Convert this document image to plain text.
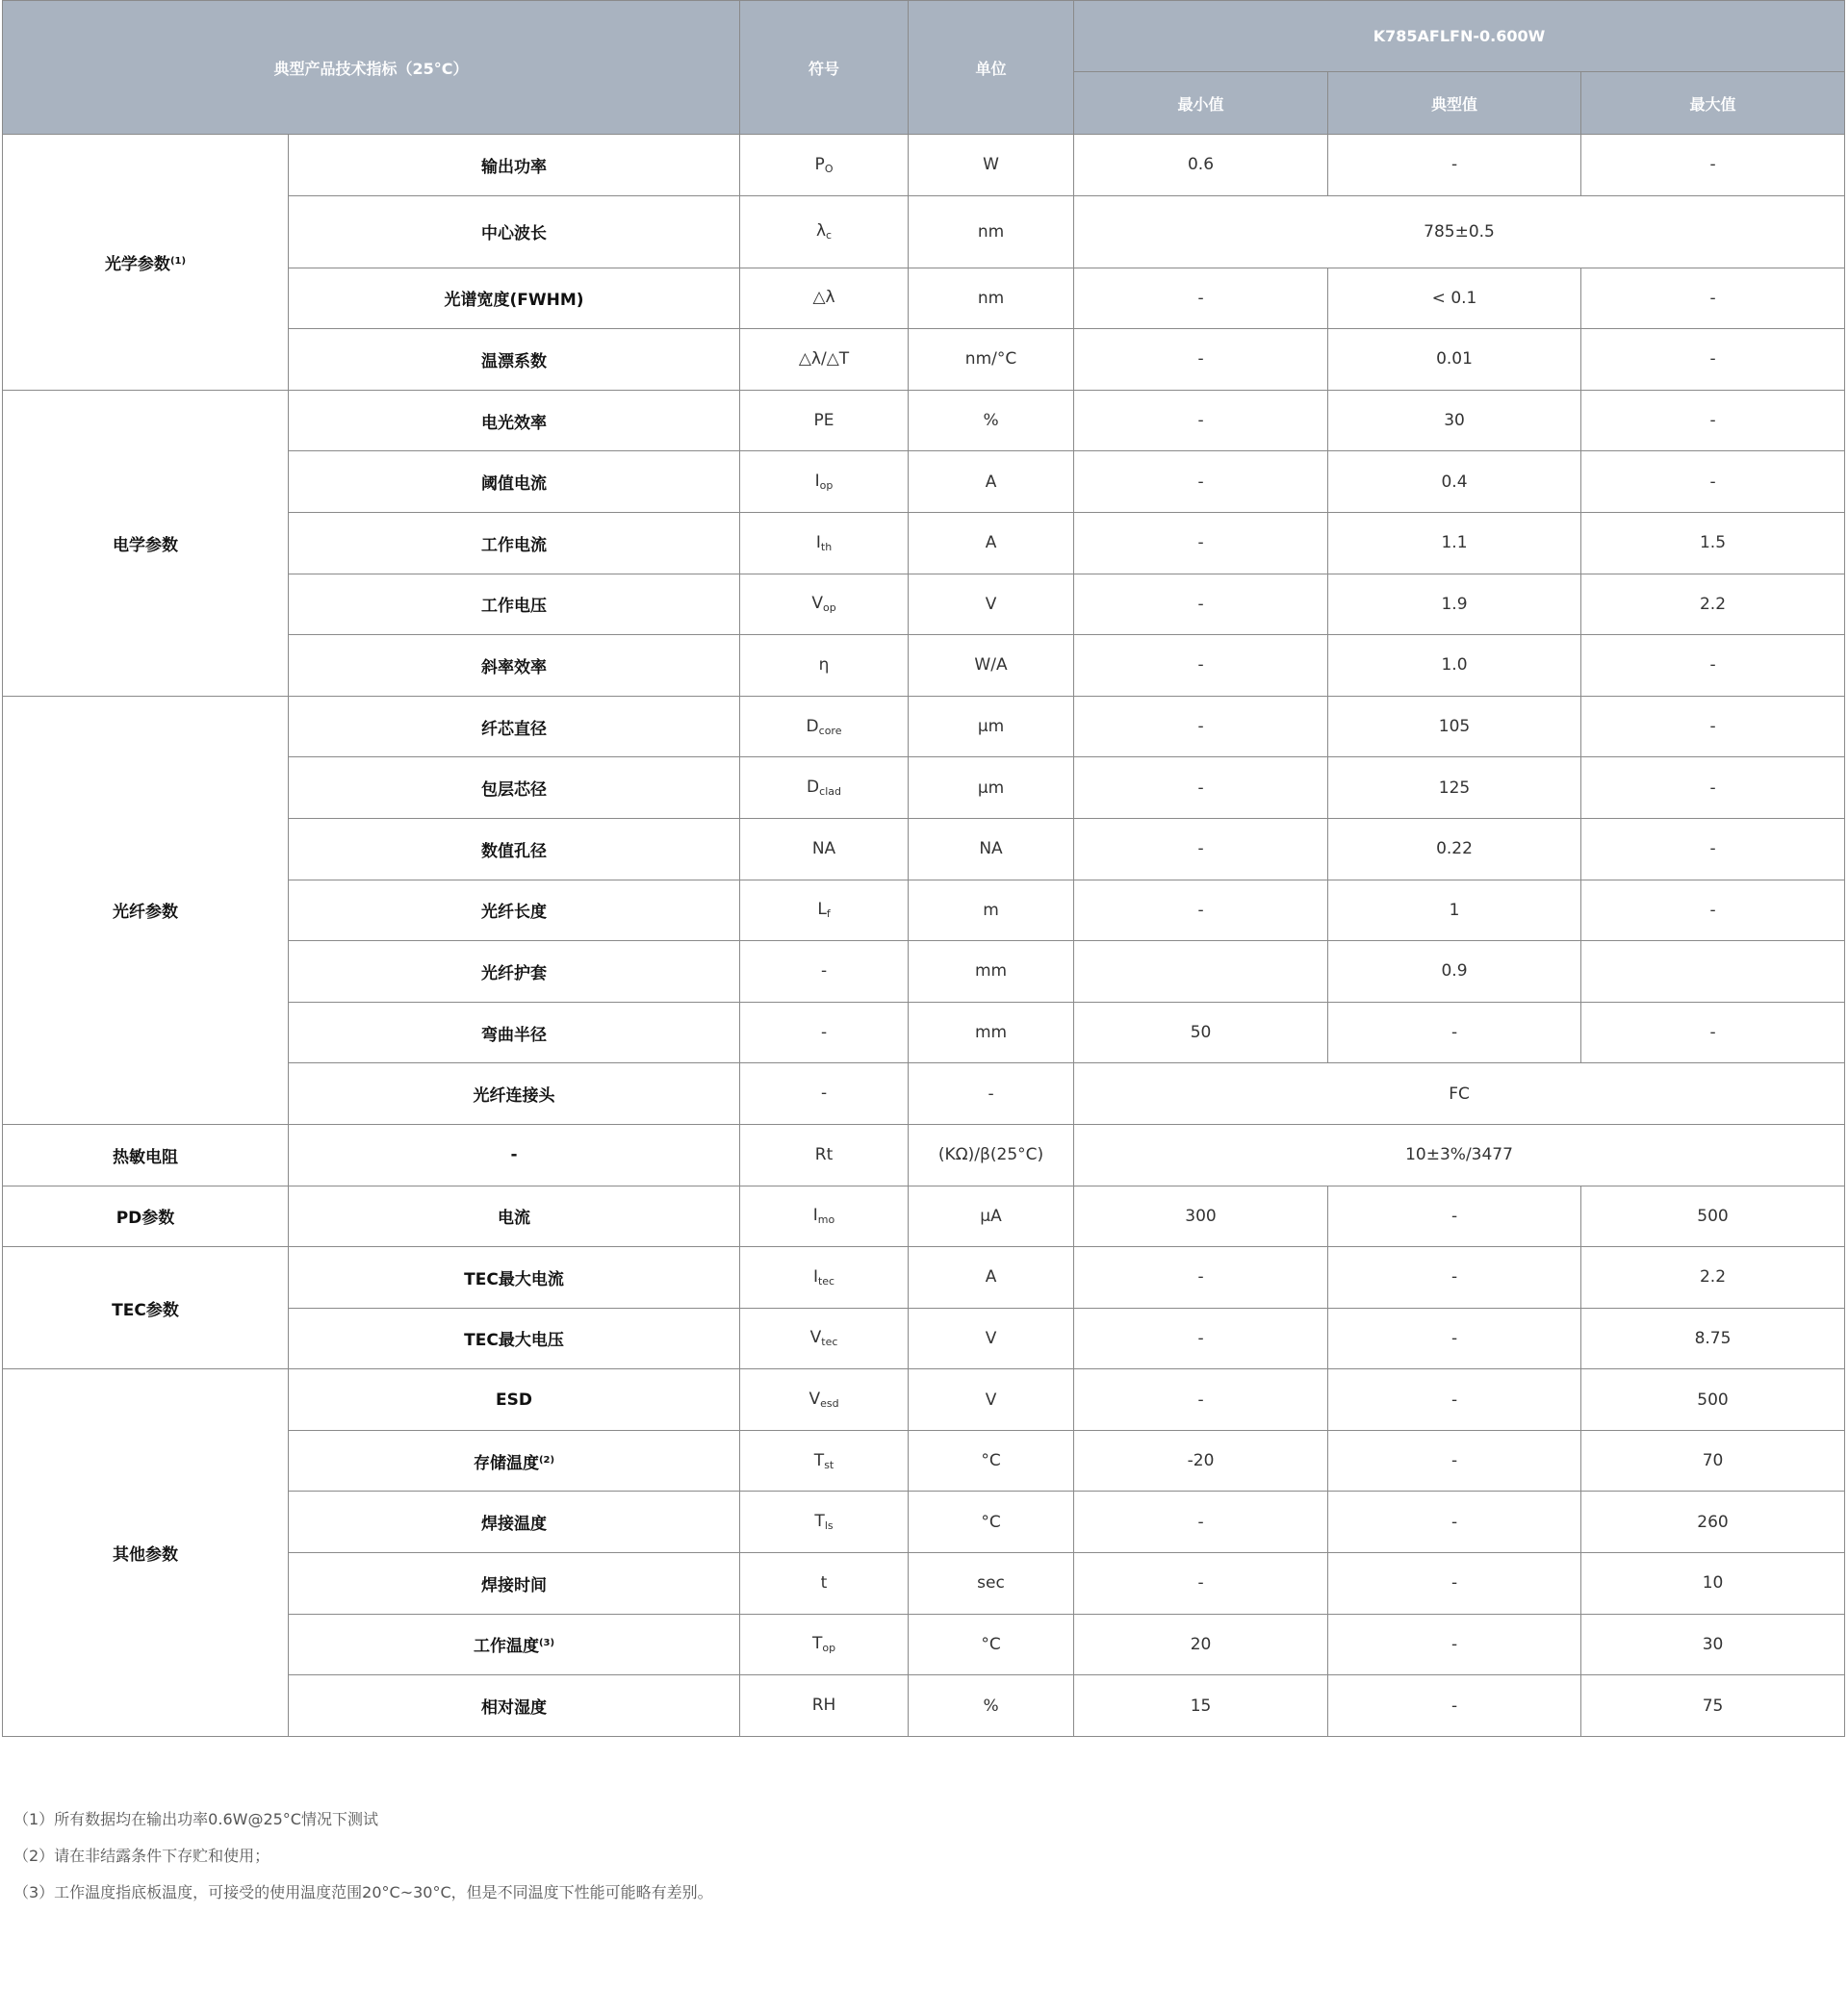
典型产品技术指标（25°C）		符号	单位	K785AFLFN-0.600W		
				最小值	典型值	最大值
光学参数$^{(1)}$	输出功率	$P_O$	W	0.6	-	-
	中心波长	$\lambda_c$	nm	785±0.5		
	光谱宽度(FWHM)	△λ	nm	-	< 0.1	-
	温漂系数	△λ/△T	nm/°C	-	0.01	-
电学参数	电光效率	PE	%	-	30	-
	阈值电流	$I_{op}$	A	-	0.4	-
	工作电流	$I_{th}$	A	-	1.1	1.5
	工作电压	$V_{op}$	V	-	1.9	2.2
	斜率效率	η	W/A	-	1.0	-
光纤参数	纤芯直径	$D_{core}$	μm	-	105	-
	包层芯径	$D_{clad}$	μm	-	125	-
	数值孔径	NA	NA	-	0.22	-
	光纤长度	$L_f$	m	-	1	-
	光纤护套	-	mm		0.9	
	弯曲半径	-	mm	50	-	-
	光纤连接头	-	-	FC		
热敏电阻	-	Rt	(KΩ)/β(25°C)	10±3%/3477		
PD参数	电流	$I_{mo}$	μA	300	-	500
TEC参数	TEC最大电流	$I_{tec}$	A	-	-	2.2
	TEC最大电压	$V_{tec}$	V	-	-	8.75
其他参数	ESD	$V_{esd}$	V	-	-	500
	存储温度$^{(2)}$	$T_{st}$	°C	-20	-	70
	焊接温度	$T_{ls}$	°C	-	-	260
	焊接时间	t	sec	-	-	10
	工作温度$^{(3)}$	$T_{op}$	°C	20	-	30
	相对湿度	RH	%	15	-	75
（1）所有数据均在输出功率0.6W@25°C情况下测试
（2）请在非结露条件下存贮和使用；
（3）工作温度指底板温度，可接受的使用温度范围20°C~30°C，但是不同温度下性能可能略有差别。
